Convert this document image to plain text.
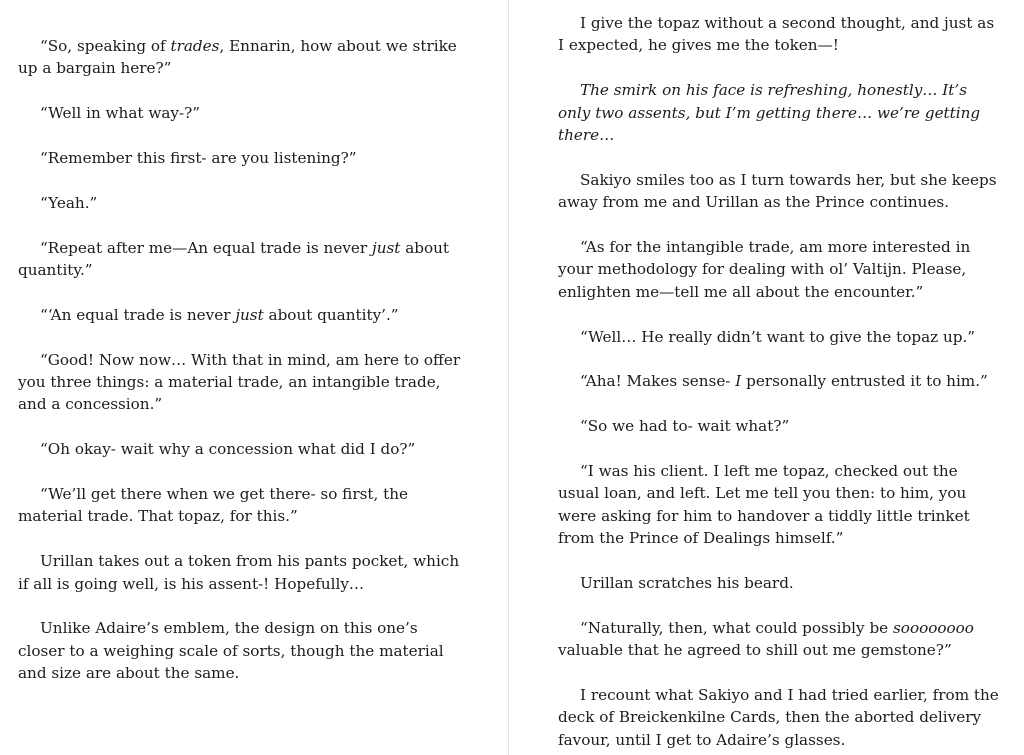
“So, speaking of trades, Ennarin, how about we strike up a bargain here?”

“Well in what way-?”

“Remember this first- are you listening?”

“Yeah.”

“Repeat after me—An equal trade is never just about quantity.”

“‘An equal trade is never just about quantity’.”

“Good! Now now… With that in mind, am here to offer you three things: a material trade, an intangible trade, and a concession.”

“Oh okay- wait why a concession what did I do?”

“We’ll get there when we get there- so first, the material trade. That topaz, for this.”

Urillan takes out a token from his pants pocket, which if all is going well, is his assent-! Hopefully…

Unlike Adaire’s emblem, the design on this one’s closer to a weighing scale of sorts, though the material and size are about the same.

I give the topaz without a second thought, and just as I expected, he gives me the token—!

The smirk on his face is refreshing, honestly… It’s only two assents, but I’m getting there… we’re getting there…

Sakiyo smiles too as I turn towards her, but she keeps away from me and Urillan as the Prince continues.

“As for the intangible trade, am more interested in your methodology for dealing with ol’ Valtijn. Please, enlighten me—tell me all about the encounter.”

“Well… He really didn’t want to give the topaz up.”

“Aha! Makes sense- I personally entrusted it to him.”

“So we had to- wait what?”

“I was his client. I left me topaz, checked out the usual loan, and left. Let me tell you then: to him, you were asking for him to handover a tiddly little trinket from the Prince of Dealings himself.”

Urillan scratches his beard.

“Naturally, then, what could possibly be soooooooo valuable that he agreed to shill out me gemstone?”

I recount what Sakiyo and I had tried earlier, from the deck of Breickenkilne Cards, then the aborted delivery favour, until I get to Adaire’s glasses.
